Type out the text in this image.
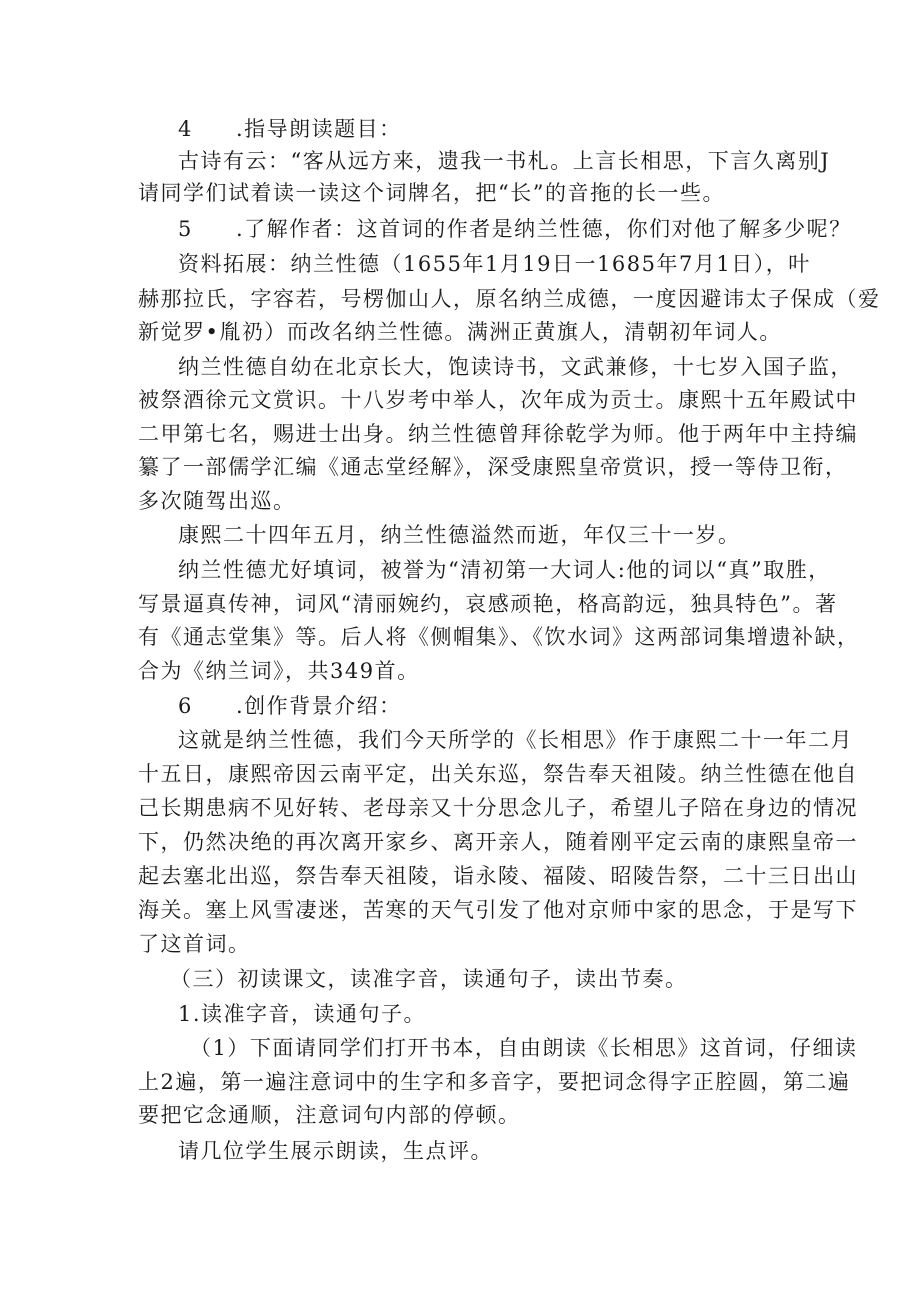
4 .指导朗读题目：
古诗有云：“客从远方来，遗我一书札。上言长相思，下言久离别J
请同学们试着读一读这个词牌名，把“长”的音拖的长一些。
5 .了解作者：这首词的作者是纳兰性德，你们对他了解多少呢？
资料拓展：纳兰性德（1655年1月19日一1685年7月1日），叶
赫那拉氏，字容若，号楞伽山人，原名纳兰成德，一度因避讳太子保成（爱
新觉罗•胤礽）而改名纳兰性德。满洲正黄旗人，清朝初年词人。
纳兰性德自幼在北京长大，饱读诗书，文武兼修，十七岁入国子监，
被祭酒徐元文赏识。十八岁考中举人，次年成为贡士。康熙十五年殿试中
二甲第七名，赐进士出身。纳兰性德曾拜徐乾学为师。他于两年中主持编
纂了一部儒学汇编《通志堂经解》，深受康熙皇帝赏识，授一等侍卫衔，
多次随驾出巡。
康熙二十四年五月，纳兰性德溢然而逝，年仅三十一岁。
纳兰性德尤好填词，被誉为“清初第一大词人:他的词以“真”取胜，
写景逼真传神，词风“清丽婉约，哀感顽艳，格高韵远，独具特色”。著
有《通志堂集》等。后人将《侧帽集》、《饮水词》这两部词集增遗补缺，
合为《纳兰词》，共349首。
6 .创作背景介绍：
这就是纳兰性德，我们今天所学的《长相思》作于康熙二十一年二月
十五日，康熙帝因云南平定，出关东巡，祭告奉天祖陵。纳兰性德在他自
己长期患病不见好转、老母亲又十分思念儿子，希望儿子陪在身边的情况
下，仍然决绝的再次离开家乡、离开亲人，随着刚平定云南的康熙皇帝一
起去塞北出巡，祭告奉天祖陵，诣永陵、福陵、昭陵告祭，二十三日出山
海关。塞上风雪凄迷，苦寒的天气引发了他对京师中家的思念，于是写下
了这首词。
（三）初读课文，读准字音，读通句子，读出节奏。
1.读准字音，读通句子。
（1）下面请同学们打开书本，自由朗读《长相思》这首词，仔细读
上2遍，第一遍注意词中的生字和多音字，要把词念得字正腔圆，第二遍
要把它念通顺，注意词句内部的停顿。
请几位学生展示朗读，生点评。
